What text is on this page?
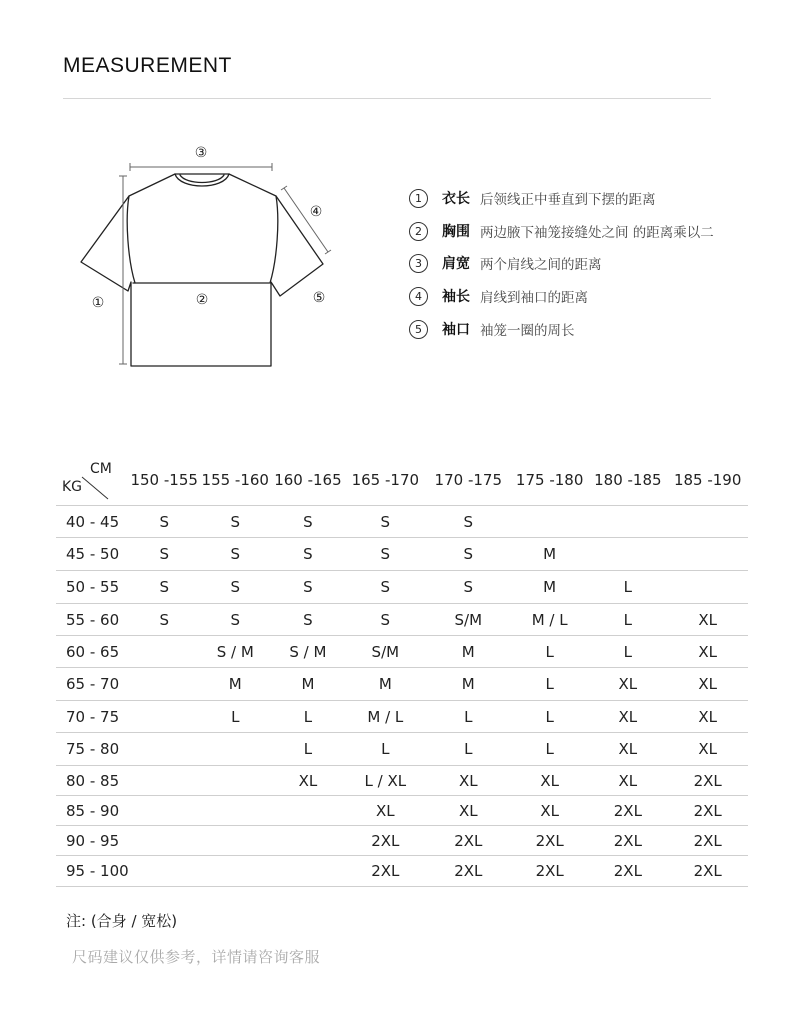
MEASUREMENT
③
④
①	②	⑤
1	衣长 后领线正中垂直到下摆的距离
2	胸围 两边腋下袖笼接缝处之间 的距离乘以二
3	肩宽 两个肩线之间的距离
4	袖长 肩线到袖口的距离
5	袖口 袖笼一圈的周长
KG
CM	150 -155	155 -160	160 -165	165 -170	170 -175	175 -180	180 -185	185 -190
40 - 45	S	S	S	S	S			
45 - 50	S	S	S	S	S	M		
50 - 55	S	S	S	S	S	M	L	
55 - 60	S	S	S	S	S/M	M / L	L	XL
60 - 65		S / M	S / M	S/M	M	L	L	XL
65 - 70		M	M	M	M	L	XL	XL
70 - 75		L	L	M / L	L	L	XL	XL
75 - 80			L	L	L	L	XL	XL
80 - 85			XL	L / XL	XL	XL	XL	2XL
85 - 90				XL	XL	XL	2XL	2XL
90 - 95				2XL	2XL	2XL	2XL	2XL
95 - 100				2XL	2XL	2XL	2XL	2XL
注: (合身 / 宽松)
尺码建议仅供参考，详情请咨询客服
